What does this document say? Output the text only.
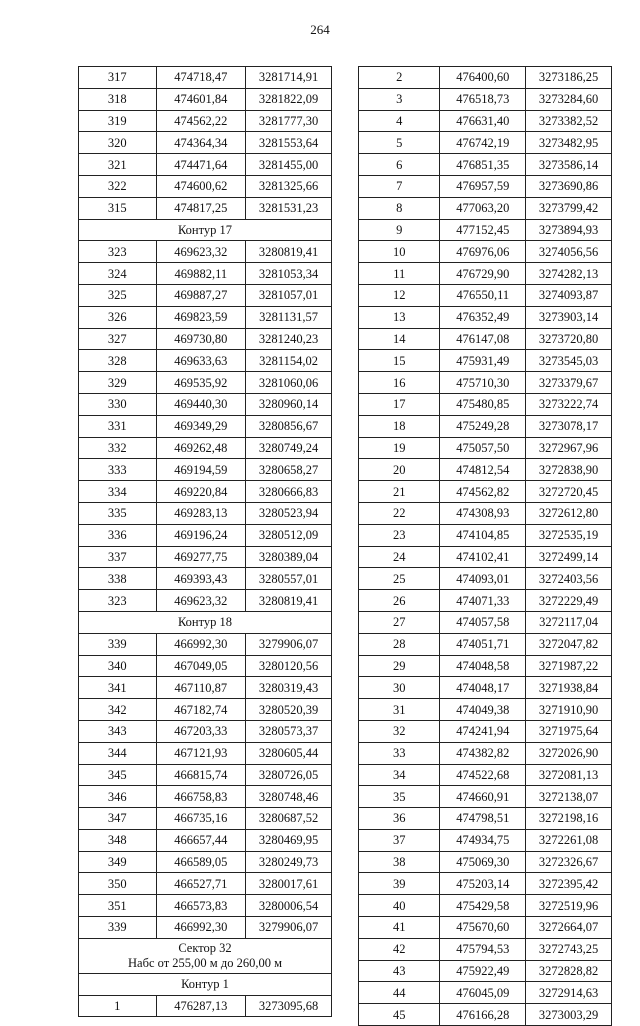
264
317	474718,47	3281714,91
318	474601,84	3281822,09
319	474562,22	3281777,30
320	474364,34	3281553,64
321	474471,64	3281455,00
322	474600,62	3281325,66
315	474817,25	3281531,23
Контур 17		
323	469623,32	3280819,41
324	469882,11	3281053,34
325	469887,27	3281057,01
326	469823,59	3281131,57
327	469730,80	3281240,23
328	469633,63	3281154,02
329	469535,92	3281060,06
330	469440,30	3280960,14
331	469349,29	3280856,67
332	469262,48	3280749,24
333	469194,59	3280658,27
334	469220,84	3280666,83
335	469283,13	3280523,94
336	469196,24	3280512,09
337	469277,75	3280389,04
338	469393,43	3280557,01
323	469623,32	3280819,41
Контур 18		
339	466992,30	3279906,07
340	467049,05	3280120,56
341	467110,87	3280319,43
342	467182,74	3280520,39
343	467203,33	3280573,37
344	467121,93	3280605,44
345	466815,74	3280726,05
346	466758,83	3280748,46
347	466735,16	3280687,52
348	466657,44	3280469,95
349	466589,05	3280249,73
350	466527,71	3280017,61
351	466573,83	3280006,54
339	466992,30	3279906,07

Сектор 32
Набс от 255,00 м до 260,00 м		

Контур 1		
1	476287,13	3273095,68
2	476400,60	3273186,25
3	476518,73	3273284,60
4	476631,40	3273382,52
5	476742,19	3273482,95
6	476851,35	3273586,14
7	476957,59	3273690,86
8	477063,20	3273799,42
9	477152,45	3273894,93
10	476976,06	3274056,56
11	476729,90	3274282,13
12	476550,11	3274093,87
13	476352,49	3273903,14
14	476147,08	3273720,80
15	475931,49	3273545,03
16	475710,30	3273379,67
17	475480,85	3273222,74
18	475249,28	3273078,17
19	475057,50	3272967,96
20	474812,54	3272838,90
21	474562,82	3272720,45
22	474308,93	3272612,80
23	474104,85	3272535,19
24	474102,41	3272499,14
25	474093,01	3272403,56
26	474071,33	3272229,49
27	474057,58	3272117,04
28	474051,71	3272047,82
29	474048,58	3271987,22
30	474048,17	3271938,84
31	474049,38	3271910,90
32	474241,94	3271975,64
33	474382,82	3272026,90
34	474522,68	3272081,13
35	474660,91	3272138,07
36	474798,51	3272198,16
37	474934,75	3272261,08
38	475069,30	3272326,67
39	475203,14	3272395,42
40	475429,58	3272519,96
41	475670,60	3272664,07
42	475794,53	3272743,25
43	475922,49	3272828,82
44	476045,09	3272914,63
45	476166,28	3273003,29
